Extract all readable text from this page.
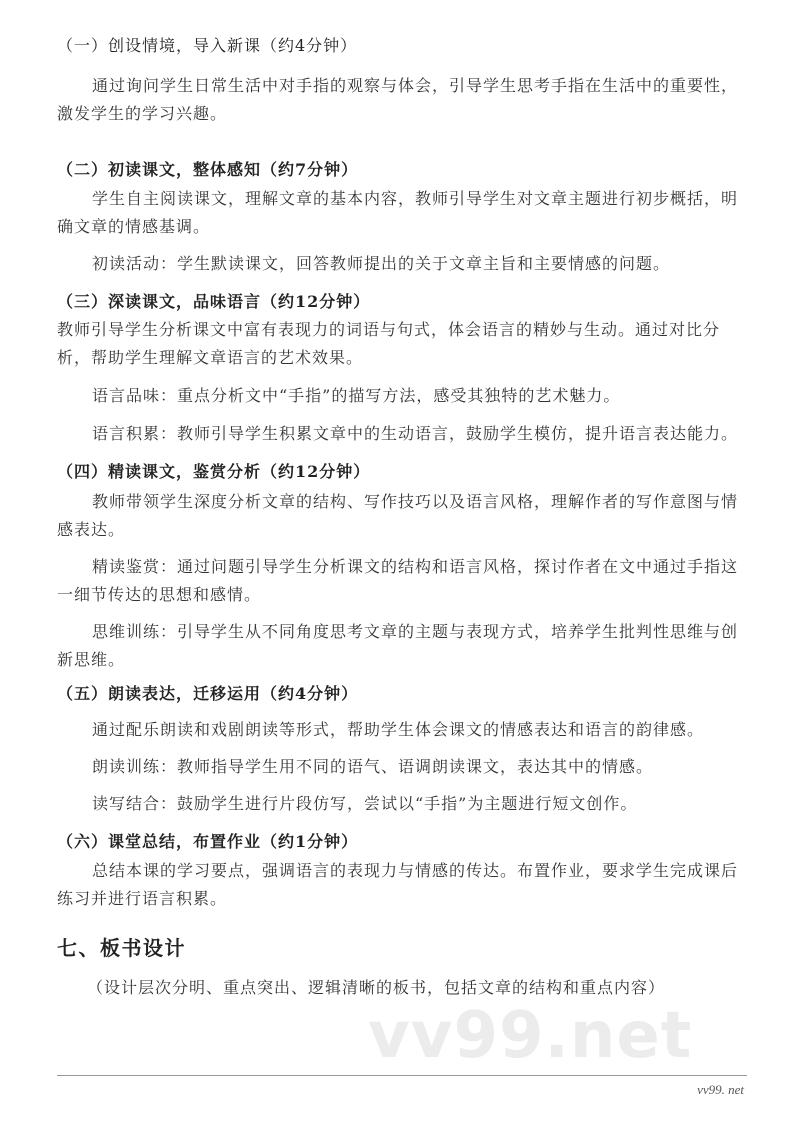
（一）创设情境，导入新课（约4分钟）
通过询问学生日常生活中对手指的观察与体会，引导学生思考手指在生活中的重要性，激发学生的学习兴趣。
（二）初读课文，整体感知（约7分钟）
学生自主阅读课文，理解文章的基本内容，教师引导学生对文章主题进行初步概括，明确文章的情感基调。
初读活动：学生默读课文，回答教师提出的关于文章主旨和主要情感的问题。
（三）深读课文，品味语言（约12分钟）
教师引导学生分析课文中富有表现力的词语与句式，体会语言的精妙与生动。通过对比分析，帮助学生理解文章语言的艺术效果。
语言品味：重点分析文中“手指”的描写方法，感受其独特的艺术魅力。
语言积累：教师引导学生积累文章中的生动语言，鼓励学生模仿，提升语言表达能力。
（四）精读课文，鉴赏分析（约12分钟）
教师带领学生深度分析文章的结构、写作技巧以及语言风格，理解作者的写作意图与情感表达。
精读鉴赏：通过问题引导学生分析课文的结构和语言风格，探讨作者在文中通过手指这一细节传达的思想和感情。
思维训练：引导学生从不同角度思考文章的主题与表现方式，培养学生批判性思维与创新思维。
（五）朗读表达，迁移运用（约4分钟）
通过配乐朗读和戏剧朗读等形式，帮助学生体会课文的情感表达和语言的韵律感。
朗读训练：教师指导学生用不同的语气、语调朗读课文，表达其中的情感。
读写结合：鼓励学生进行片段仿写，尝试以“手指”为主题进行短文创作。
（六）课堂总结，布置作业（约1分钟）
总结本课的学习要点，强调语言的表现力与情感的传达。布置作业，要求学生完成课后练习并进行语言积累。
七、板书设计
（设计层次分明、重点突出、逻辑清晰的板书，包括文章的结构和重点内容）
vv99.net
vv99. net
